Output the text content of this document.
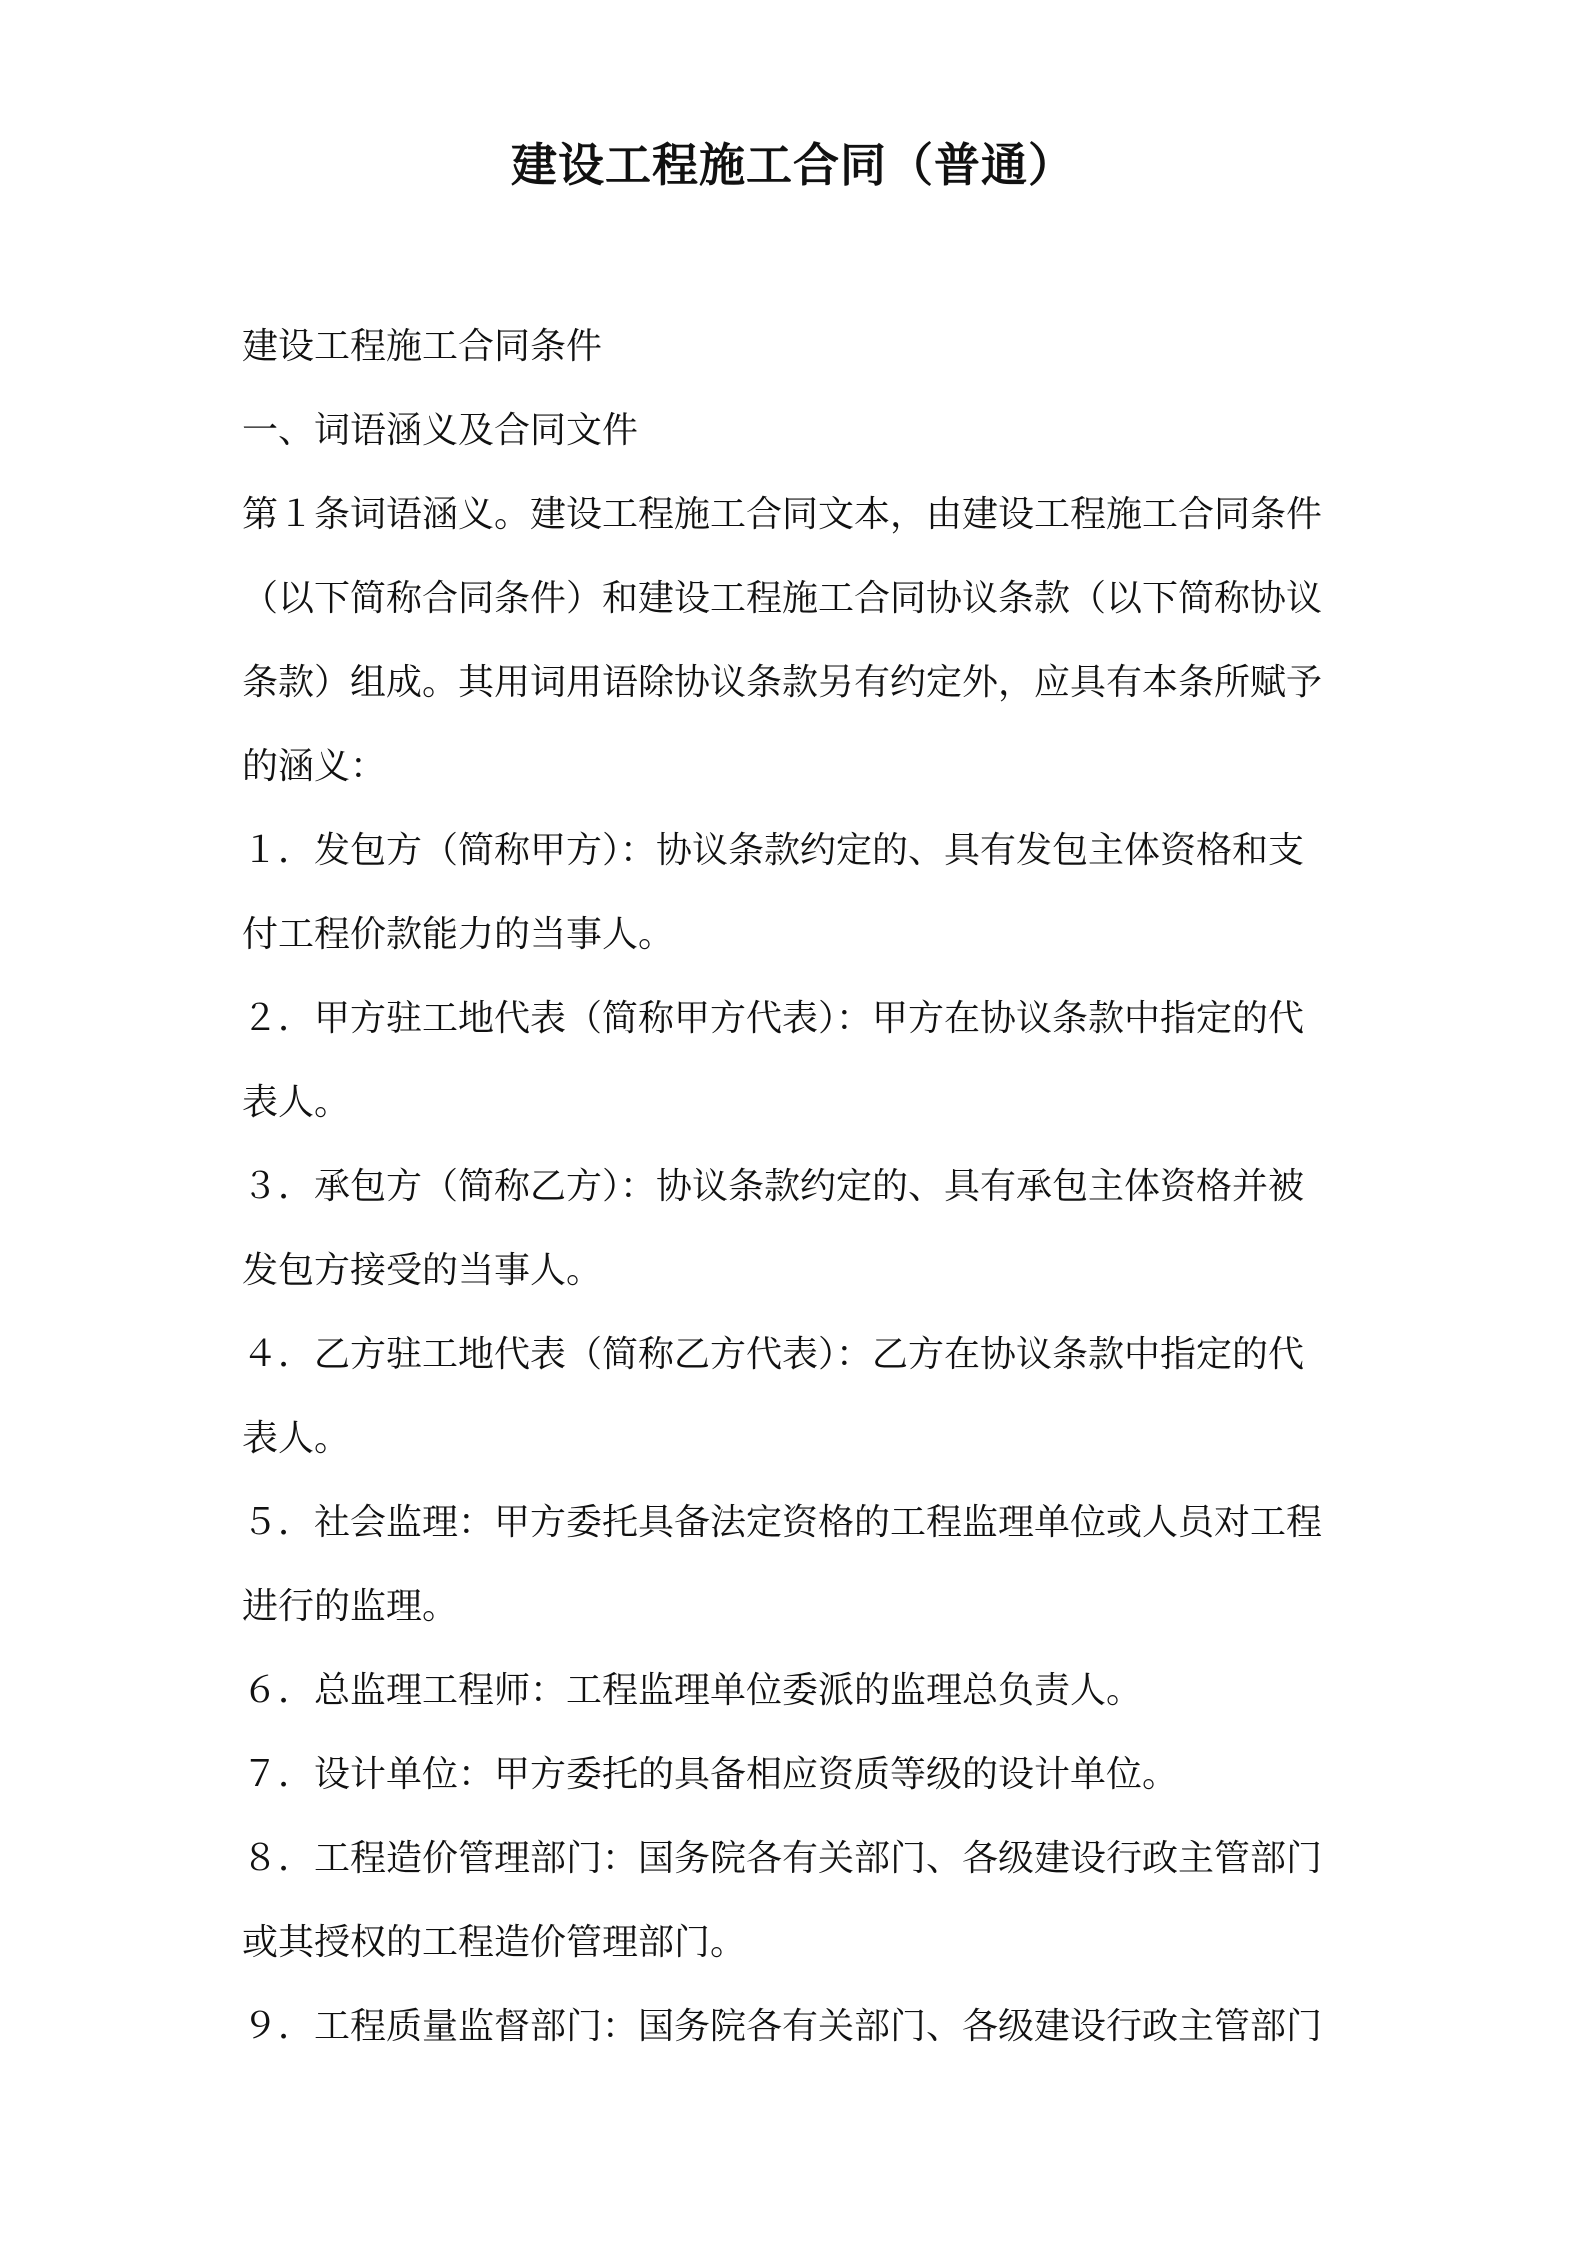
建设工程施工合同（普通）
建设工程施工合同条件
一、词语涵义及合同文件
第１条词语涵义。建设工程施工合同文本，由建设工程施工合同条件
（以下简称合同条件）和建设工程施工合同协议条款（以下简称协议
条款）组成。其用词用语除协议条款另有约定外，应具有本条所赋予
的涵义：
１．发包方（简称甲方）：协议条款约定的、具有发包主体资格和支
付工程价款能力的当事人。
２．甲方驻工地代表（简称甲方代表）：甲方在协议条款中指定的代
表人。
３．承包方（简称乙方）：协议条款约定的、具有承包主体资格并被
发包方接受的当事人。
４．乙方驻工地代表（简称乙方代表）：乙方在协议条款中指定的代
表人。
５．社会监理：甲方委托具备法定资格的工程监理单位或人员对工程
进行的监理。
６．总监理工程师：工程监理单位委派的监理总负责人。
７．设计单位：甲方委托的具备相应资质等级的设计单位。
８．工程造价管理部门：国务院各有关部门、各级建设行政主管部门
或其授权的工程造价管理部门。
９．工程质量监督部门：国务院各有关部门、各级建设行政主管部门
